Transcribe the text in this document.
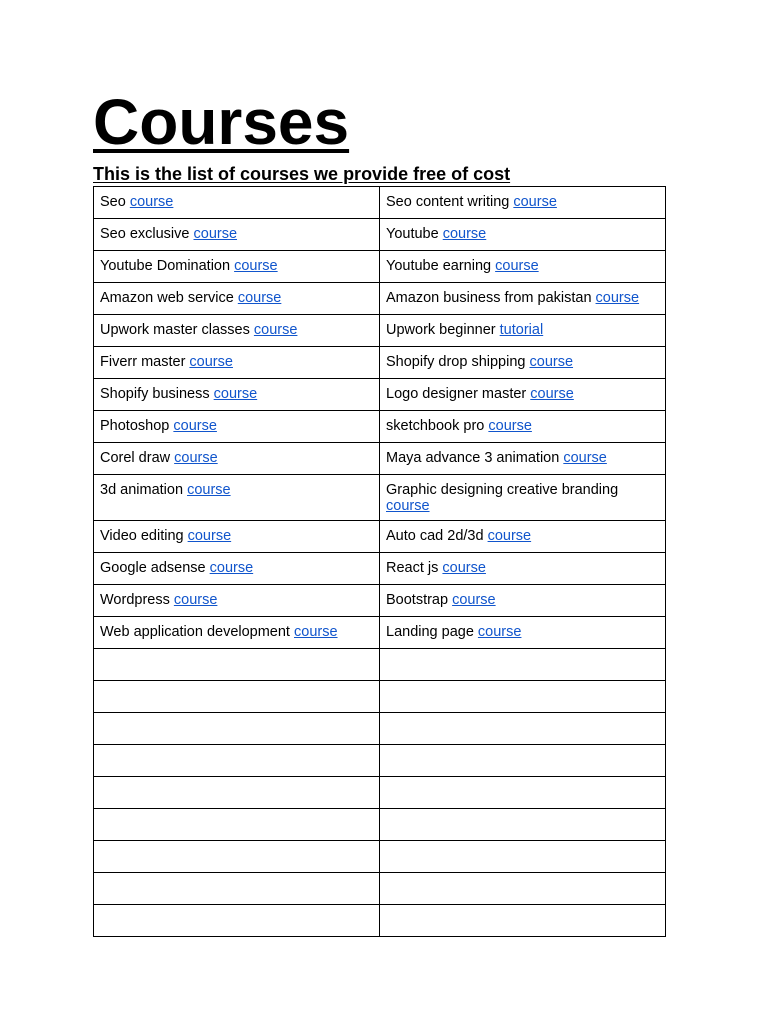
Courses
This is the list of courses we provide free of cost
Seo course	Seo content writing course
Seo exclusive course	Youtube course
Youtube Domination course	Youtube earning course
Amazon web service course	Amazon business from pakistan course
Upwork master classes course	Upwork beginner tutorial
Fiverr master course	Shopify drop shipping course
Shopify business course	Logo designer master course
Photoshop course	sketchbook pro course
Corel draw course	Maya advance 3 animation course
3d animation course	Graphic designing creative branding course
Video editing course	Auto cad 2d/3d course
Google adsense course	React js course
Wordpress course	Bootstrap course
Web application development course	Landing page course
